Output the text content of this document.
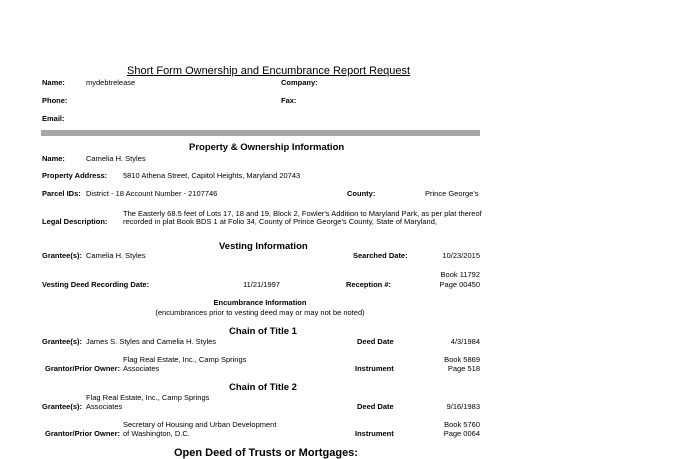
Short Form Ownership and Encumbrance Report Request
Name:	mydebtrelease	Company:
Phone:	Fax:
Email:
Property & Ownership Information
Name:	Camelia H. Styles
Property Address: 5810 Athena Street, Capitol Heights, Maryland 20743
Parcel IDs: District - 18 Account Number - 2107746	County:	Prince George's
Legal Description:
The Easterly 68.5 feet of Lots 17, 18 and 19, Block 2, Fowler's Addition to Maryland Park, as per plat thereof
recorded in plat Book BDS 1 at Folio 34, County of Prince George's County, State of Maryland,
Vesting Information
Grantee(s): Camelia H. Styles	Searched Date:	10/23/2015
Book 11792
Vesting Deed Recording Date:	11/21/1997	Reception #:	Page 00450
Encumbrance Information
(encumbrances prior to vesting deed may or may not be noted)
Chain of Title 1
Grantee(s): James S. Styles and Camelia H. Styles	Deed Date	4/3/1984
Flag Real Estate, Inc., Camp Springs	Book 5869
Grantor/Prior Owner: Associates	Instrument	Page 518
Chain of Title 2
Flag Real Estate, Inc., Camp Springs
Grantee(s): Associates	Deed Date	9/16/1983
Secretary of Housing and Urban Development	Book 5760
Grantor/Prior Owner: of Washington, D.C.	Instrument	Page 0064
Open Deed of Trusts or Mortgages:
